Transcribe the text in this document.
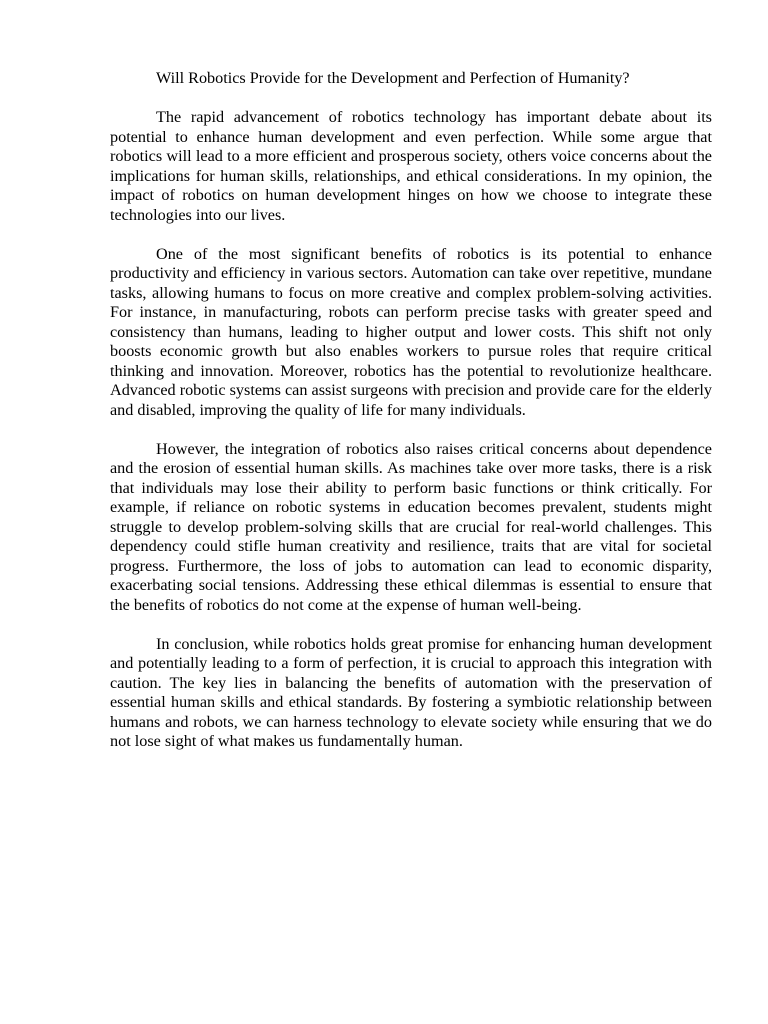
Will Robotics Provide for the Development and Perfection of Humanity?

The rapid advancement of robotics technology has important debate about its potential to enhance human development and even perfection. While some argue that robotics will lead to a more efficient and prosperous society, others voice concerns about the implications for human skills, relationships, and ethical considerations. In my opinion, the impact of robotics on human development hinges on how we choose to integrate these technologies into our lives.

One of the most significant benefits of robotics is its potential to enhance productivity and efficiency in various sectors. Automation can take over repetitive, mundane tasks, allowing humans to focus on more creative and complex problem-solving activities. For instance, in manufacturing, robots can perform precise tasks with greater speed and consistency than humans, leading to higher output and lower costs. This shift not only boosts economic growth but also enables workers to pursue roles that require critical thinking and innovation. Moreover, robotics has the potential to revolutionize healthcare. Advanced robotic systems can assist surgeons with precision and provide care for the elderly and disabled, improving the quality of life for many individuals.

However, the integration of robotics also raises critical concerns about dependence and the erosion of essential human skills. As machines take over more tasks, there is a risk that individuals may lose their ability to perform basic functions or think critically. For example, if reliance on robotic systems in education becomes prevalent, students might struggle to develop problem-solving skills that are crucial for real-world challenges. This dependency could stifle human creativity and resilience, traits that are vital for societal progress. Furthermore, the loss of jobs to automation can lead to economic disparity, exacerbating social tensions. Addressing these ethical dilemmas is essential to ensure that the benefits of robotics do not come at the expense of human well-being.

In conclusion, while robotics holds great promise for enhancing human development and potentially leading to a form of perfection, it is crucial to approach this integration with caution. The key lies in balancing the benefits of automation with the preservation of essential human skills and ethical standards. By fostering a symbiotic relationship between humans and robots, we can harness technology to elevate society while ensuring that we do not lose sight of what makes us fundamentally human.
